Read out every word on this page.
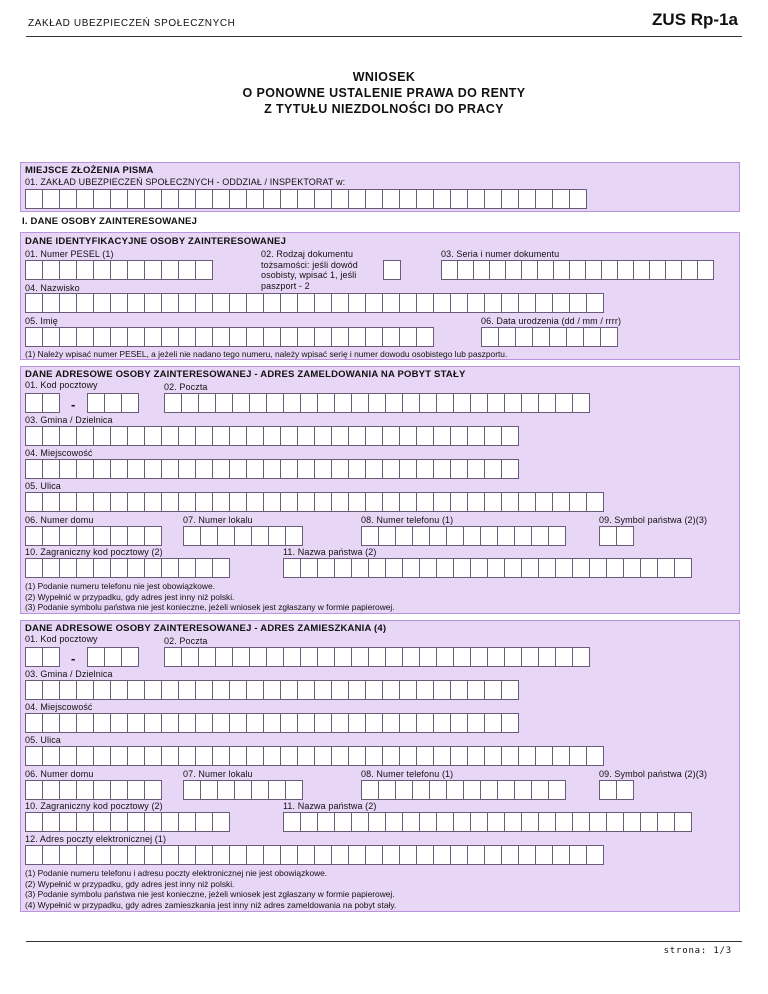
ZAKŁAD UBEZPIECZEŃ SPOŁECZNYCH	ZUS Rp-1a
WNIOSEK
O PONOWNE USTALENIE PRAWA DO RENTY
Z TYTUŁU NIEZDOLNOŚCI DO PRACY
MIEJSCE ZŁOŻENIA PISMA
01. ZAKŁAD UBEZPIECZEŃ SPOŁECZNYCH - ODDZIAŁ / INSPEKTORAT w:
I. DANE OSOBY ZAINTERESOWANEJ
DANE IDENTYFIKACYJNE OSOBY ZAINTERESOWANEJ
01. Numer PESEL (1)	02. Rodzaj dokumentu
tożsamości: jeśli dowód
osobisty, wpisać 1, jeśli
paszport - 2
03. Seria i numer dokumentu
04. Nazwisko
05. Imię	06. Data urodzenia (dd / mm / rrrr)
(1) Należy wpisać numer PESEL, a jeżeli nie nadano tego numeru, należy wpisać serię i numer dowodu osobistego lub paszportu.
DANE ADRESOWE OSOBY ZAINTERESOWANEJ - ADRES ZAMELDOWANIA NA POBYT STAŁY
01. Kod pocztowy
-
02. Poczta
03. Gmina / Dzielnica
04. Miejscowość
05. Ulica
06. Numer domu	07. Numer lokalu	08. Numer telefonu (1)	09. Symbol państwa (2)(3)
10. Zagraniczny kod pocztowy (2)	11. Nazwa państwa (2)
(1) Podanie numeru telefonu nie jest obowiązkowe.
(2) Wypełnić w przypadku, gdy adres jest inny niż polski.
(3) Podanie symbolu państwa nie jest konieczne, jeżeli wniosek jest zgłaszany w formie papierowej.
DANE ADRESOWE OSOBY ZAINTERESOWANEJ - ADRES ZAMIESZKANIA (4)
01. Kod pocztowy
-
02. Poczta
03. Gmina / Dzielnica
04. Miejscowość
05. Ulica
06. Numer domu	07. Numer lokalu	08. Numer telefonu (1)	09. Symbol państwa (2)(3)
10. Zagraniczny kod pocztowy (2)	11. Nazwa państwa (2)
12. Adres poczty elektronicznej (1)
(1) Podanie numeru telefonu i adresu poczty elektronicznej nie jest obowiązkowe.
(2) Wypełnić w przypadku, gdy adres jest inny niż polski.
(3) Podanie symbolu państwa nie jest konieczne, jeżeli wniosek jest zgłaszany w formie papierowej.
(4) Wypełnić w przypadku, gdy adres zamieszkania jest inny niż adres zameldowania na pobyt stały.
strona: 1/3
